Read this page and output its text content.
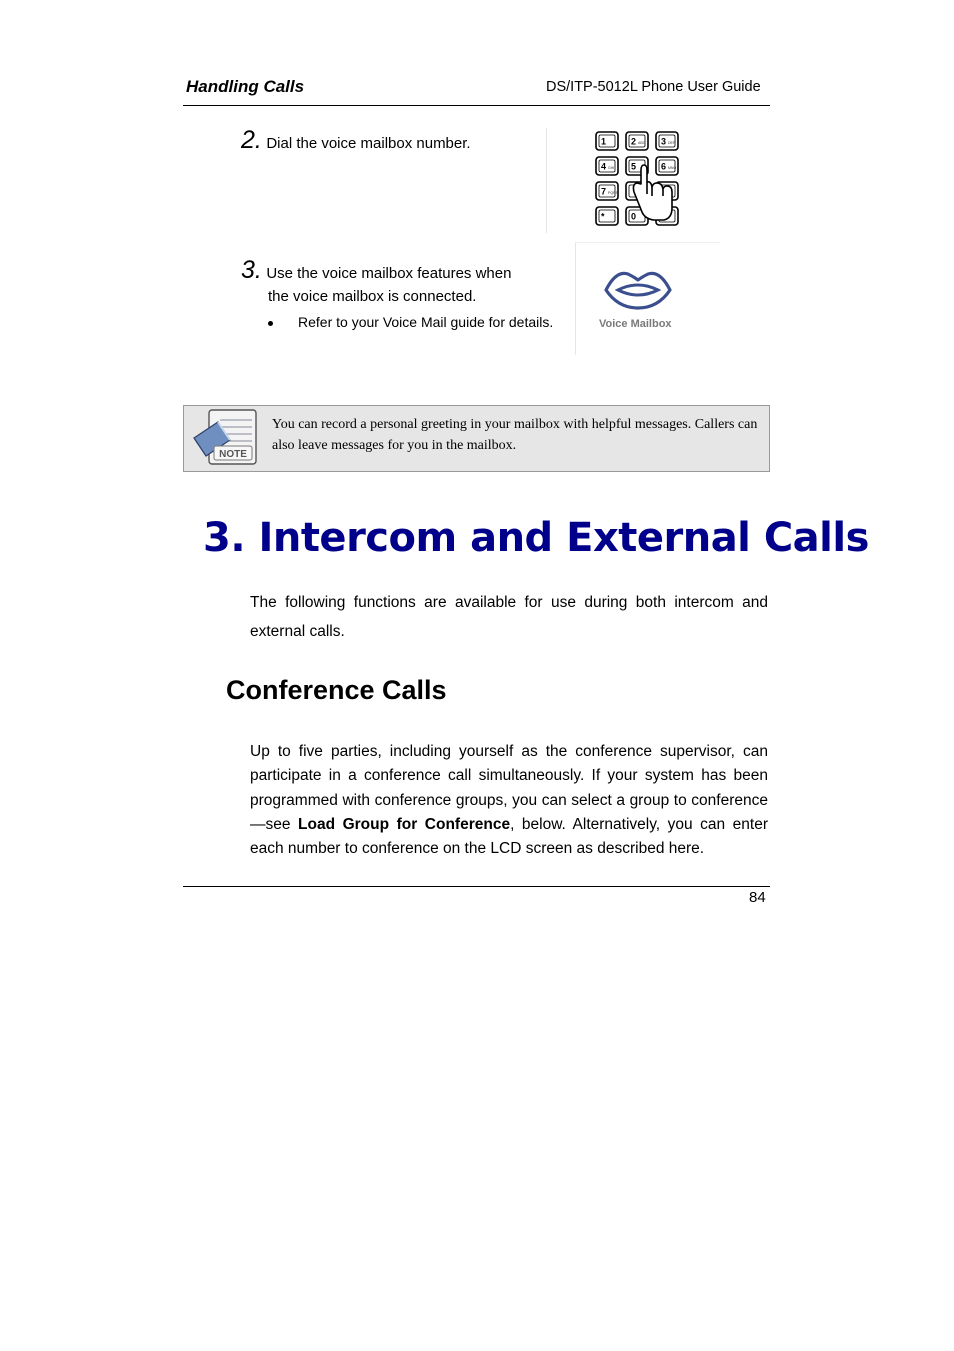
Handling Calls	DS/ITP-5012L Phone User Guide
2. Dial the voice mailbox number.	1	2 ABC 3 DEF
4 GHI 5	6 MNO
7 PQRS
*	0
3. Use the voice mailbox features when
the voice mailbox is connected.
Refer to your Voice Mail guide for details.	Voice Mailbox
NOTE
You can record a personal greeting in your mailbox with helpful messages. Callers can also leave messages for you in the mailbox.
3. Intercom and External Calls
The following functions are available for use during both intercom and external calls.
Conference Calls
Up to five parties, including yourself as the conference supervisor, can participate in a conference call simultaneously. If your system has been programmed with conference groups, you can select a group to conference—see Load Group for Conference, below. Alternatively, you can enter each number to conference on the LCD screen as described here.
84
